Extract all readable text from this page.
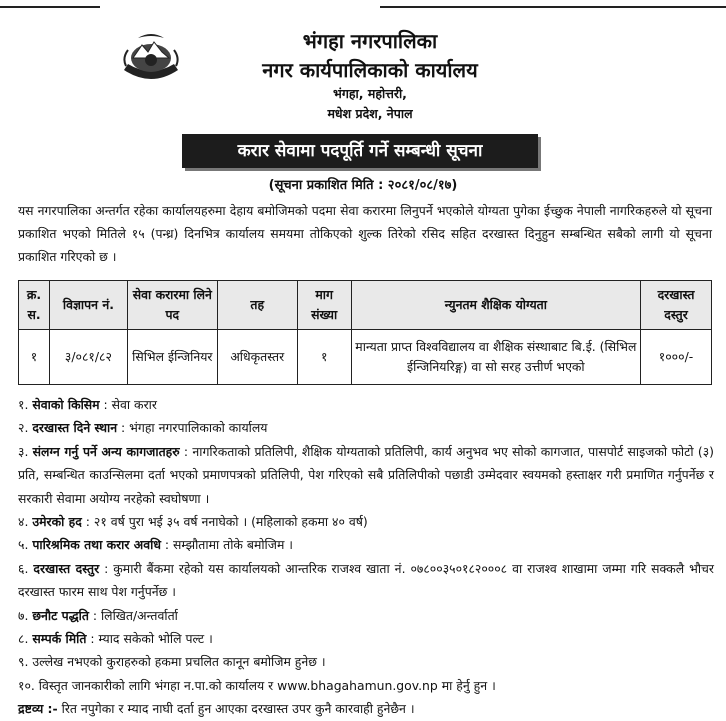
भंगहा नगरपालिका
नगर कार्यपालिकाको कार्यालय
भंगहा, महोत्तरी,
मधेश प्रदेश, नेपाल
करार सेवामा पदपूर्ति गर्ने सम्बन्धी सूचना
(सूचना प्रकाशित मिति : २०८१/०८/१७)
यस नगरपालिका अन्तर्गत रहेका कार्यालयहरुमा देहाय बमोजिमको पदमा सेवा करारमा लिनुपर्ने भएकोले योग्यता पुगेका ईच्छुक नेपाली नागरिकहरुले यो सूचना प्रकाशित भएको मितिले १५ (पन्ध्र) दिनभित्र कार्यालय समयमा तोकिएको शुल्क तिरेको रसिद सहित दरखास्त दिनुहुन सम्बन्धित सबैको लागी यो सूचना प्रकाशित गरिएको छ ।
क्र. स.	विज्ञापन नं.	सेवा करारमा लिने पद	तह	माग संख्या	न्युनतम शैक्षिक योग्यता	दरखास्त दस्तुर
१	३/०८१/८२	सिभिल ईन्जिनियर	अधिकृतस्तर	१	मान्यता प्राप्त विश्वविद्यालय वा शैक्षिक संस्थाबाट बि.ई. (सिभिल ईन्जिनियरिङ्ग) वा सो सरह उत्तीर्ण भएको	१०००/-
१. सेवाको किसिम : सेवा करार
२. दरखास्त दिने स्थान : भंगहा नगरपालिकाको कार्यालय
३. संलग्न गर्नु पर्ने अन्य कागजातहरु : नागरिकताको प्रतिलिपी, शैक्षिक योग्यताको प्रतिलिपी, कार्य अनुभव भए सोको कागजात, पासपोर्ट साइजको फोटो (३) प्रति, सम्बन्धित काउन्सिलमा दर्ता भएको प्रमाणपत्रको प्रतिलिपी, पेश गरिएको सबै प्रतिलिपीको पछाडी उम्मेदवार स्वयमको हस्ताक्षर गरी प्रमाणित गर्नुपर्नेछ र सरकारी सेवामा अयोग्य नरहेको स्वघोषणा ।
४. उमेरको हद : २१ वर्ष पुरा भई ३५ वर्ष ननाघेको । (महिलाको हकमा ४० वर्ष)
५. पारिश्रमिक तथा करार अवधि : सम्झौतामा तोके बमोजिम ।
६. दरखास्त दस्तुर : कुमारी बैंकमा रहेको यस कार्यालयको आन्तरिक राजश्व खाता नं. ०७८००३५०१८२०००८ वा राजश्व शाखामा जम्मा गरि सक्कलै भौचर दरखास्त फारम साथ पेश गर्नुपर्नेछ ।
७. छनौट पद्धति : लिखित/अन्तर्वार्ता
८. सम्पर्क मिति : म्याद सकेको भोलि पल्ट ।
९. उल्लेख नभएको कुराहरुको हकमा प्रचलित कानून बमोजिम हुनेछ ।
१०. विस्तृत जानकारीको लागि भंगहा न.पा.को कार्यालय र www.bhagahamun.gov.np मा हेर्नु हुन ।
द्रष्टव्य :- रित नपुगेका र म्याद नाघी दर्ता हुन आएका दरखास्त उपर कुनै कारवाही हुनेछैन ।
